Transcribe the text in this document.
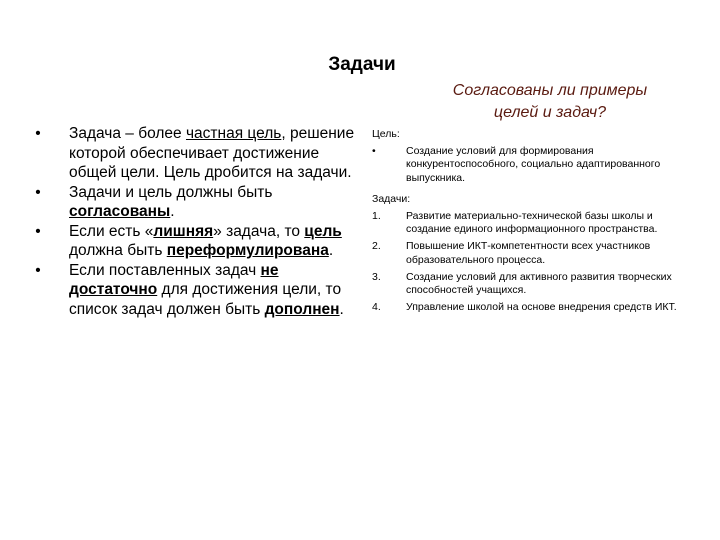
Задачи
Согласованы ли примеры
целей и задач?
• Задача – более частная цель, решение которой обеспечивает достижение общей цели. Цель дробится на задачи.
• Задачи и цель должны быть согласованы.
• Если есть «лишняя» задача, то цель должна быть переформулирована.
• Если поставленных задач не достаточно для достижения цели, то список задач должен быть дополнен.
Цель:
•	Создание условий для формирования конкурентоспособного, социально адаптированного выпускника.
Задачи:
1. Развитие материально-технической базы школы и создание единого информационного пространства.
2. Повышение ИКТ-компетентности всех участников образовательного процесса.
3. Создание условий для активного развития творческих способностей учащихся.
4. Управление школой на основе внедрения средств ИКТ.
